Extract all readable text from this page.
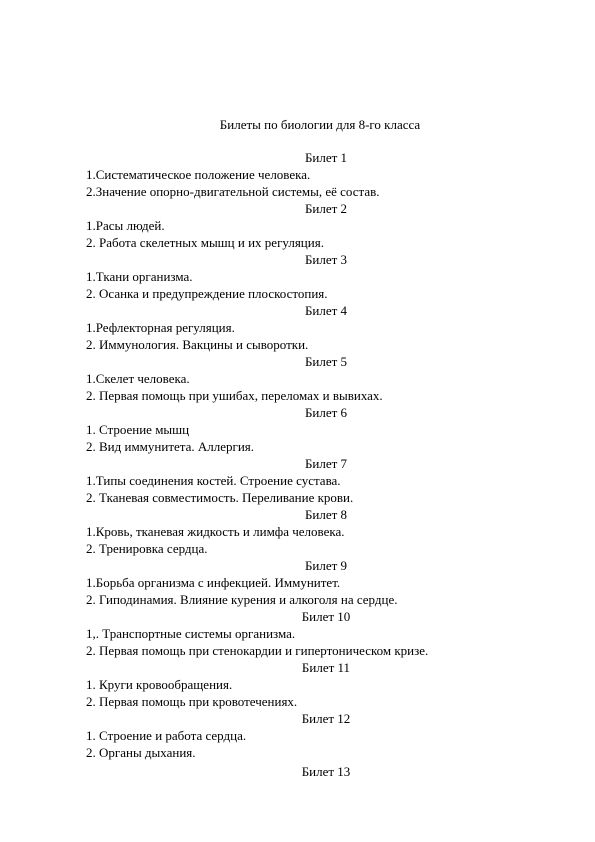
Билеты по биологии для 8-го класса
Билет 1
1.Систематическое положение человека.
2.Значение опорно-двигательной системы, её состав.
Билет 2
1.Расы людей.
2. Работа скелетных мышц и их регуляция.
Билет 3
1.Ткани организма.
2. Осанка и предупреждение плоскостопия.
Билет 4
1.Рефлекторная регуляция.
2. Иммунология. Вакцины и сыворотки.
Билет 5
1.Скелет человека.
2. Первая помощь при ушибах, переломах и вывихах.
Билет 6
1. Строение мышц
2. Вид иммунитета. Аллергия.
Билет 7
1.Типы соединения костей. Строение сустава.
2. Тканевая совместимость. Переливание крови.
Билет 8
1.Кровь, тканевая жидкость и лимфа человека.
2. Тренировка сердца.
Билет 9
1.Борьба организма с инфекцией. Иммунитет.
2. Гиподинамия. Влияние курения и алкоголя на сердце.
Билет 10
1,. Транспортные системы организма.
2. Первая помощь при стенокардии и гипертоническом кризе.
Билет 11
1. Круги кровообращения.
2. Первая помощь при кровотечениях.
Билет 12
1. Строение и работа сердца.
2. Органы дыхания.
Билет 13
